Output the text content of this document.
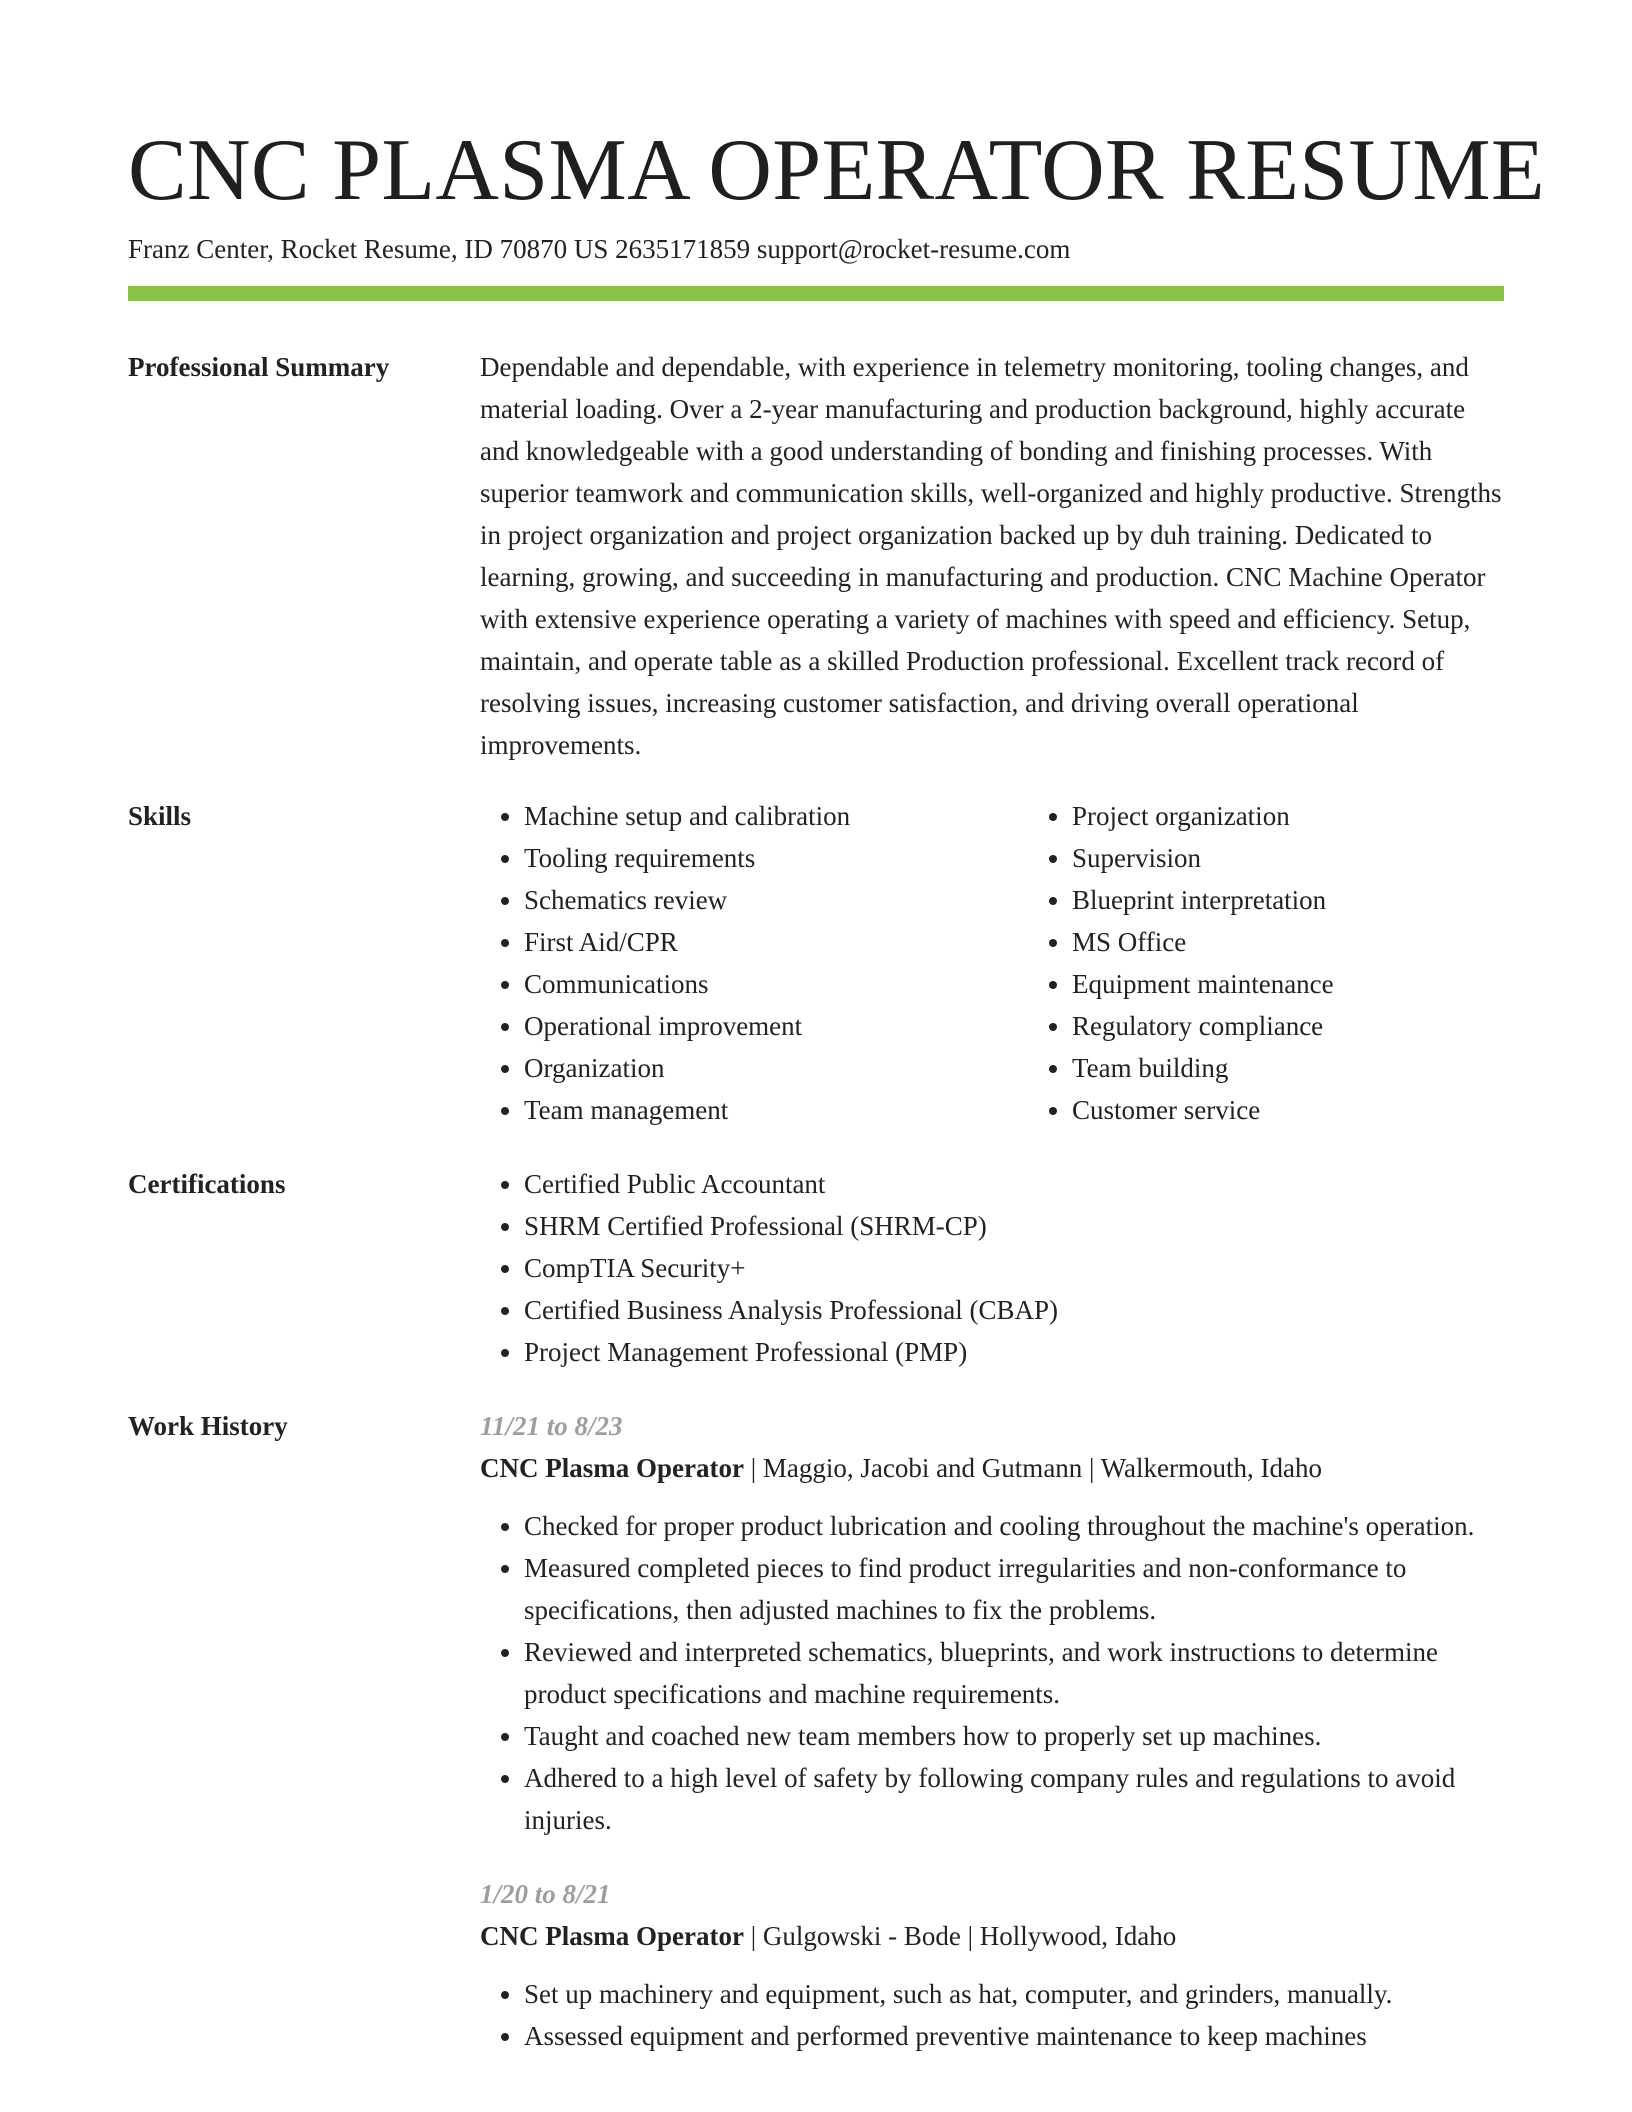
CNC PLASMA OPERATOR RESUME
Franz Center, Rocket Resume, ID 70870 US 2635171859 support@rocket-resume.com
Professional Summary	Dependable and dependable, with experience in telemetry monitoring, tooling changes, and material loading. Over a 2-year manufacturing and production background, highly accurate and knowledgeable with a good understanding of bonding and finishing processes. With superior teamwork and communication skills, well-organized and highly productive. Strengths in project organization and project organization backed up by duh training. Dedicated to learning, growing, and succeeding in manufacturing and production. CNC Machine Operator with extensive experience operating a variety of machines with speed and efficiency. Setup, maintain, and operate table as a skilled Production professional. Excellent track record of resolving issues, increasing customer satisfaction, and driving overall operational improvements.

Skills	• Machine setup and calibration
• Tooling requirements
• Schematics review
• First Aid/CPR
• Communications
• Operational improvement
• Organization
• Team management
• Project organization
• Supervision
• Blueprint interpretation
• MS Office
• Equipment maintenance
• Regulatory compliance
• Team building
• Customer service
Certifications	• Certified Public Accountant
• SHRM Certified Professional (SHRM-CP)
• CompTIA Security+
• Certified Business Analysis Professional (CBAP)
• Project Management Professional (PMP)
Work History	11/21 to 8/23
CNC Plasma Operator | Maggio, Jacobi and Gutmann | Walkermouth, Idaho
• Checked for proper product lubrication and cooling throughout the machine's operation.
• Measured completed pieces to find product irregularities and non-conformance to specifications, then adjusted machines to fix the problems.
• Reviewed and interpreted schematics, blueprints, and work instructions to determine product specifications and machine requirements.
• Taught and coached new team members how to properly set up machines.
• Adhered to a high level of safety by following company rules and regulations to avoid injuries.
1/20 to 8/21
CNC Plasma Operator | Gulgowski - Bode | Hollywood, Idaho
• Set up machinery and equipment, such as hat, computer, and grinders, manually.
• Assessed equipment and performed preventive maintenance to keep machines
